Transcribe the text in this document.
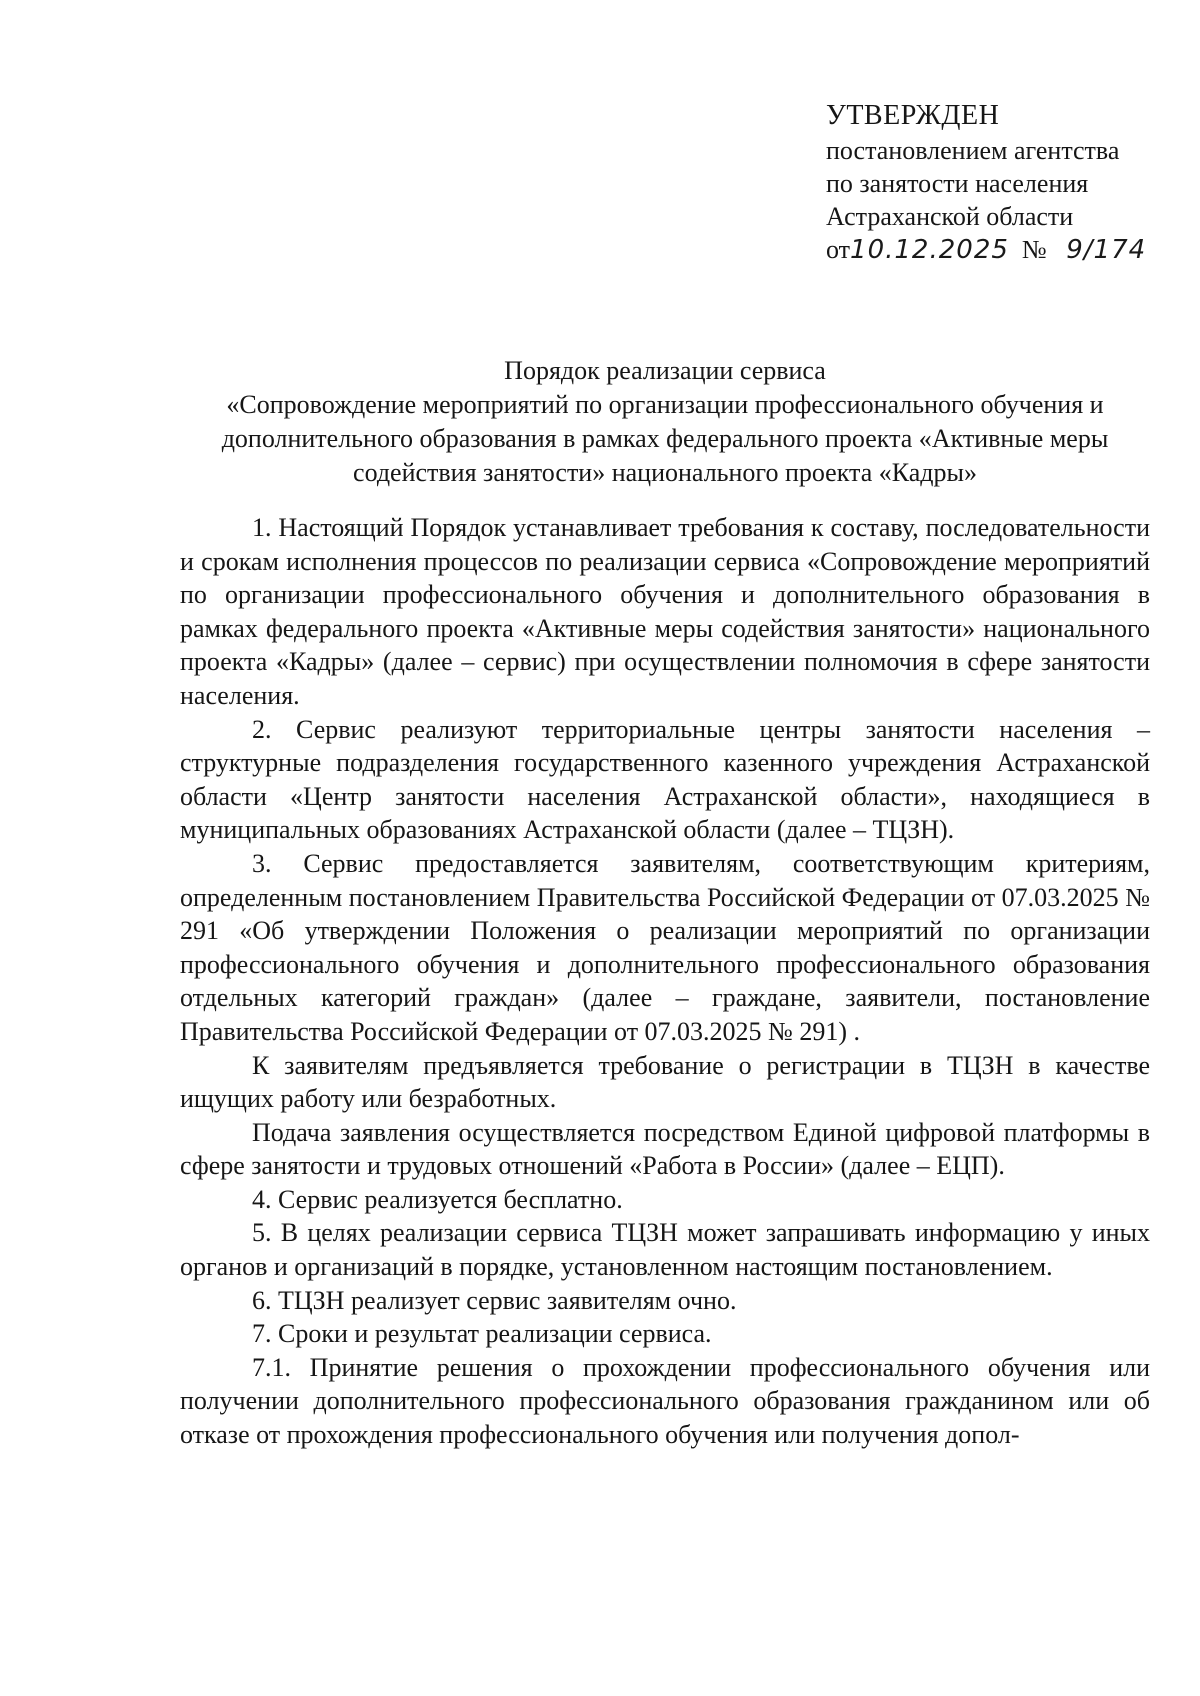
УТВЕРЖДЕН
постановлением агентства
по занятости населения
Астраханской области
от10.12.2025 № 9/174
Порядок реализации сервиса
«Сопровождение мероприятий по организации профессионального обучения и
дополнительного образования в рамках федерального проекта «Активные меры
содействия занятости» национального проекта «Кадры»

1. Настоящий Порядок устанавливает требования к составу, последовательности и срокам исполнения процессов по реализации сервиса «Сопровождение мероприятий по организации профессионального обучения и дополнительного образования в рамках федерального проекта «Активные меры содействия занятости» национального проекта «Кадры» (далее – сервис) при осуществлении полномочия в сфере занятости населения.

2. Сервис реализуют территориальные центры занятости населения – структурные подразделения государственного казенного учреждения Астраханской области «Центр занятости населения Астраханской области», находящиеся в муниципальных образованиях Астраханской области (далее – ТЦЗН).

3. Сервис предоставляется заявителям, соответствующим критериям, определенным постановлением Правительства Российской Федерации от 07.03.2025 № 291 «Об утверждении Положения о реализации мероприятий по организации профессионального обучения и дополнительного профессионального образования отдельных категорий граждан» (далее – граждане, заявители, постановление Правительства Российской Федерации от 07.03.2025 № 291) .

К заявителям предъявляется требование о регистрации в ТЦЗН в качестве ищущих работу или безработных.

Подача заявления осуществляется посредством Единой цифровой платформы в сфере занятости и трудовых отношений «Работа в России» (далее – ЕЦП).

4. Сервис реализуется бесплатно.

5. В целях реализации сервиса ТЦЗН может запрашивать информацию у иных органов и организаций в порядке, установленном настоящим постановлением.

6. ТЦЗН реализует сервис заявителям очно.

7. Сроки и результат реализации сервиса.

7.1. Принятие решения о прохождении профессионального обучения или получении дополнительного профессионального образования гражданином или об отказе от прохождения профессионального обучения или получения допол-
